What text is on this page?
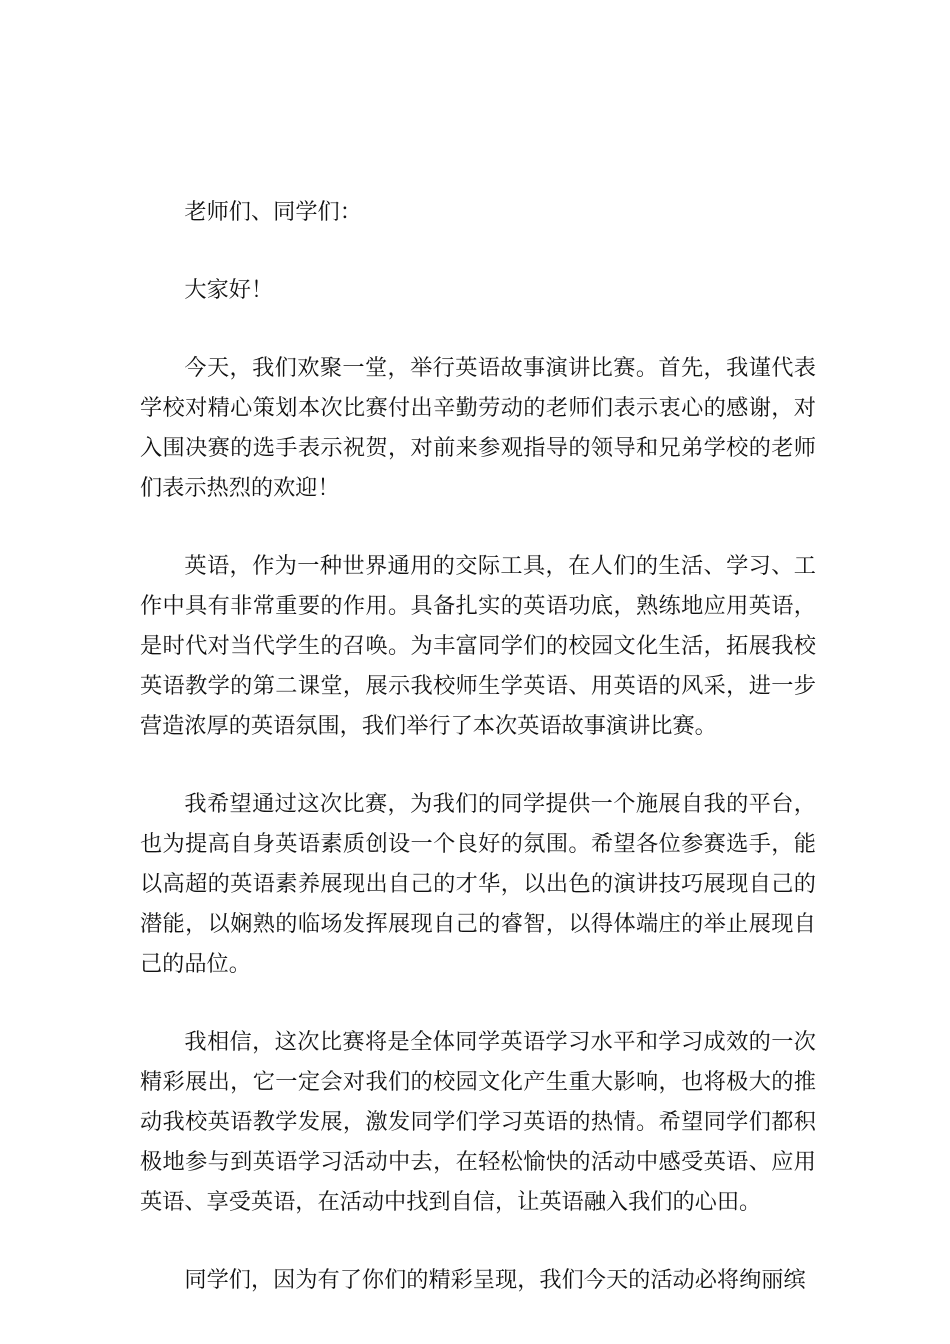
老师们、同学们：

大家好！

今天，我们欢聚一堂，举行英语故事演讲比赛。首先，我谨代表学校对精心策划本次比赛付出辛勤劳动的老师们表示衷心的感谢，对入围决赛的选手表示祝贺，对前来参观指导的领导和兄弟学校的老师们表示热烈的欢迎！

英语，作为一种世界通用的交际工具，在人们的生活、学习、工作中具有非常重要的作用。具备扎实的英语功底，熟练地应用英语，是时代对当代学生的召唤。为丰富同学们的校园文化生活，拓展我校英语教学的第二课堂，展示我校师生学英语、用英语的风采，进一步营造浓厚的英语氛围，我们举行了本次英语故事演讲比赛。

我希望通过这次比赛，为我们的同学提供一个施展自我的平台，也为提高自身英语素质创设一个良好的氛围。希望各位参赛选手，能以高超的英语素养展现出自己的才华，以出色的演讲技巧展现自己的潜能，以娴熟的临场发挥展现自己的睿智，以得体端庄的举止展现自己的品位。

我相信，这次比赛将是全体同学英语学习水平和学习成效的一次精彩展出，它一定会对我们的校园文化产生重大影响，也将极大的推动我校英语教学发展，激发同学们学习英语的热情。希望同学们都积极地参与到英语学习活动中去，在轻松愉快的活动中感受英语、应用英语、享受英语，在活动中找到自信，让英语融入我们的心田。

同学们，因为有了你们的精彩呈现，我们今天的活动必将绚丽缤
